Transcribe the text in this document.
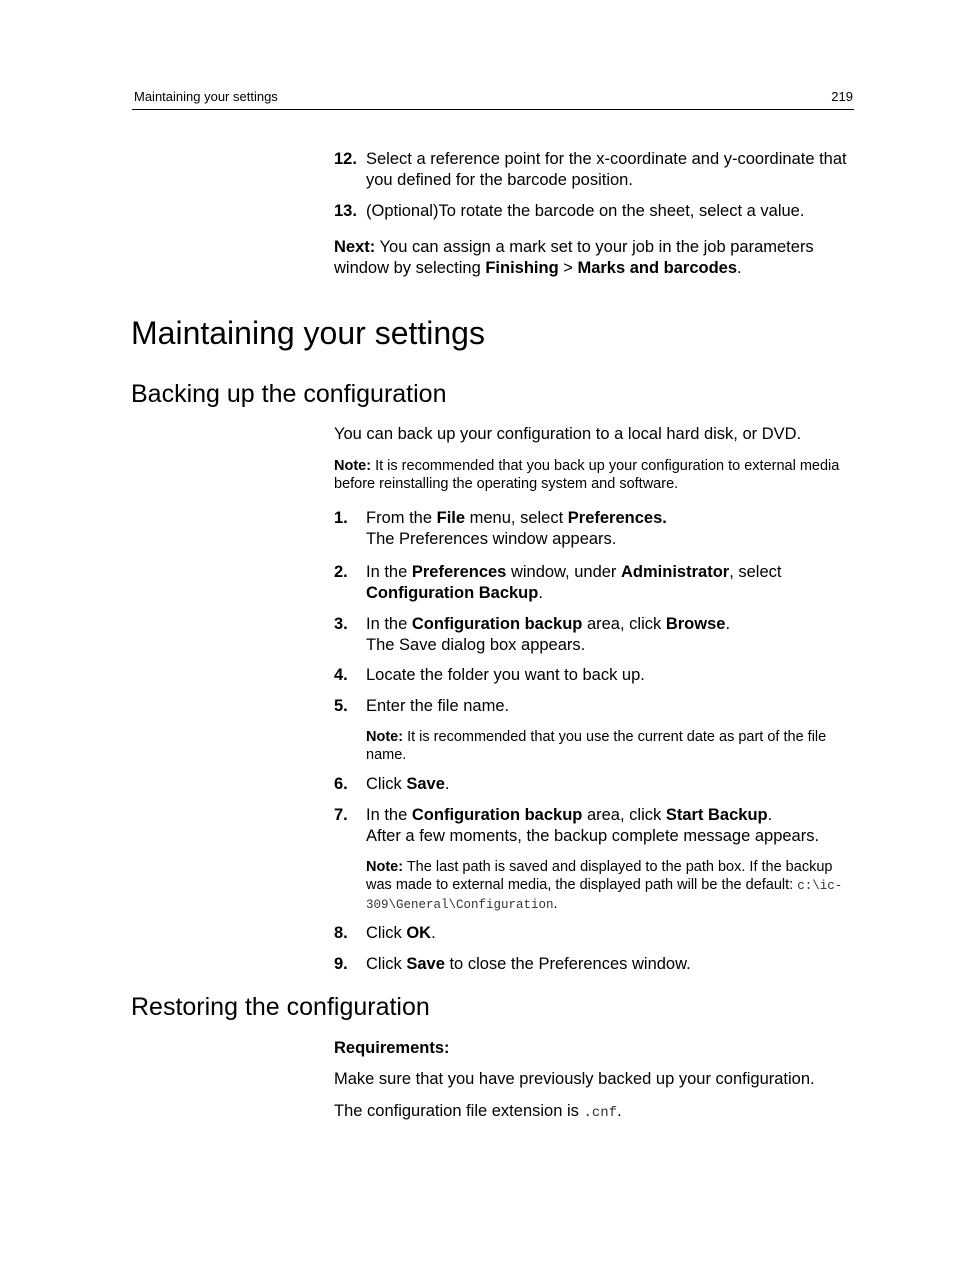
Maintaining your settings	219
12. Select a reference point for the x-coordinate and y-coordinate that you defined for the barcode position.
13. (Optional)To rotate the barcode on the sheet, select a value.
Next: You can assign a mark set to your job in the job parameters window by selecting Finishing > Marks and barcodes.
Maintaining your settings
Backing up the configuration
You can back up your configuration to a local hard disk, or DVD.
Note: It is recommended that you back up your configuration to external media before reinstalling the operating system and software.
1. From the File menu, select Preferences.
The Preferences window appears.
2. In the Preferences window, under Administrator, select
Configuration Backup.
3. In the Configuration backup area, click Browse.
The Save dialog box appears.
4. Locate the folder you want to back up.
5. Enter the file name.
Note: It is recommended that you use the current date as part of the file name.
6. Click Save.
7. In the Configuration backup area, click Start Backup.
After a few moments, the backup complete message appears.
Note: The last path is saved and displayed to the path box. If the backup was made to external media, the displayed path will be the default: c:\ic-309\General\Configuration.
8. Click OK.
9. Click Save to close the Preferences window.
Restoring the configuration
Requirements:
Make sure that you have previously backed up your configuration.
The configuration file extension is .cnf.
